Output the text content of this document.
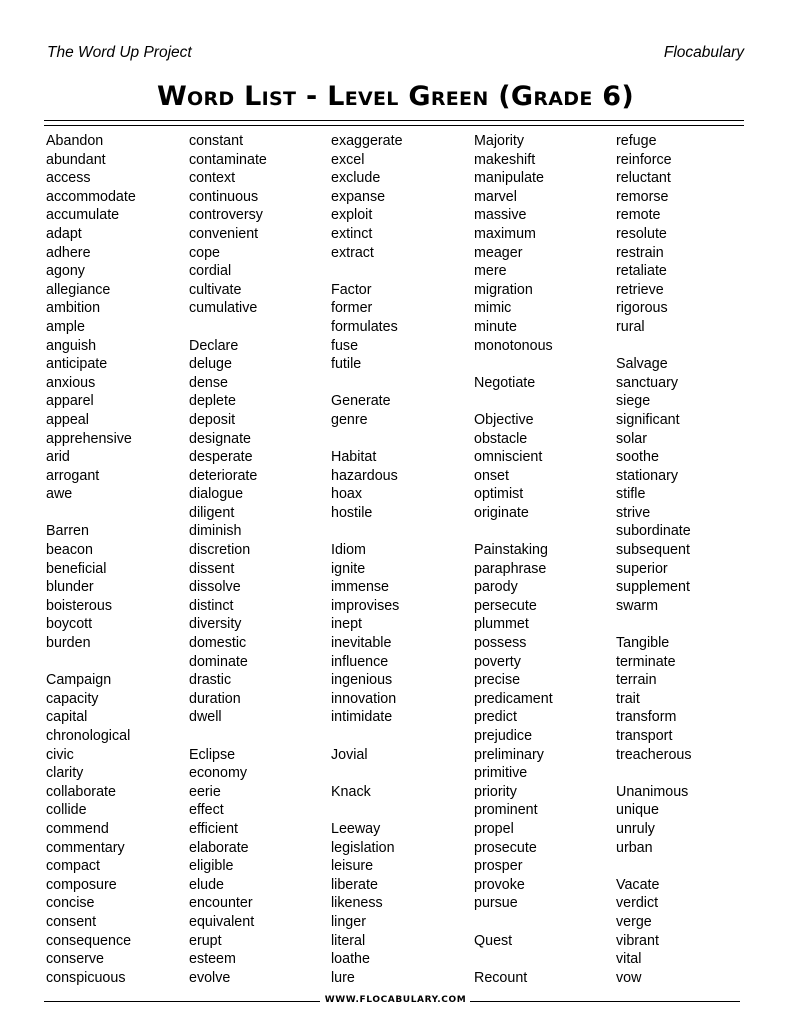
The Word Up Project	Flocabulary
Word List - Level Green (Grade 6)
Abandon
abundant
access
accommodate
accumulate
adapt
adhere
agony
allegiance
ambition
ample
anguish
anticipate
anxious
apparel
appeal
apprehensive
arid
arrogant
awe

Barren
beacon
beneficial
blunder
boisterous
boycott
burden

Campaign
capacity
capital
chronological
civic
clarity
collaborate
collide
commend
commentary
compact
composure
concise
consent
consequence
conserve
conspicuous
constant
contaminate
context
continuous
controversy
convenient
cope
cordial
cultivate
cumulative

Declare
deluge
dense
deplete
deposit
designate
desperate
deteriorate
dialogue
diligent
diminish
discretion
dissent
dissolve
distinct
diversity
domestic
dominate
drastic
duration
dwell

Eclipse
economy
eerie
effect
efficient
elaborate
eligible
elude
encounter
equivalent
erupt
esteem
evolve
exaggerate
excel
exclude
expanse
exploit
extinct
extract

Factor
former
formulates
fuse
futile

Generate
genre

Habitat
hazardous
hoax
hostile

Idiom
ignite
immense
improvises
inept
inevitable
influence
ingenious
innovation
intimidate

Jovial

Knack

Leeway
legislation
leisure
liberate
likeness
linger
literal
loathe
lure
Majority
makeshift
manipulate
marvel
massive
maximum
meager
mere
migration
mimic
minute
monotonous

Negotiate

Objective
obstacle
omniscient
onset
optimist
originate

Painstaking
paraphrase
parody
persecute
plummet
possess
poverty
precise
predicament
predict
prejudice
preliminary
primitive
priority
prominent
propel
prosecute
prosper
provoke
pursue

Quest

Recount
refuge
reinforce
reluctant
remorse
remote
resolute
restrain
retaliate
retrieve
rigorous
rural

Salvage
sanctuary
siege
significant
solar
soothe
stationary
stifle
strive
subordinate
subsequent
superior
supplement
swarm

Tangible
terminate
terrain
trait
transform
transport
treacherous

Unanimous
unique
unruly
urban

Vacate
verdict
verge
vibrant
vital
vow
WWW.FLOCABULARY.COM
